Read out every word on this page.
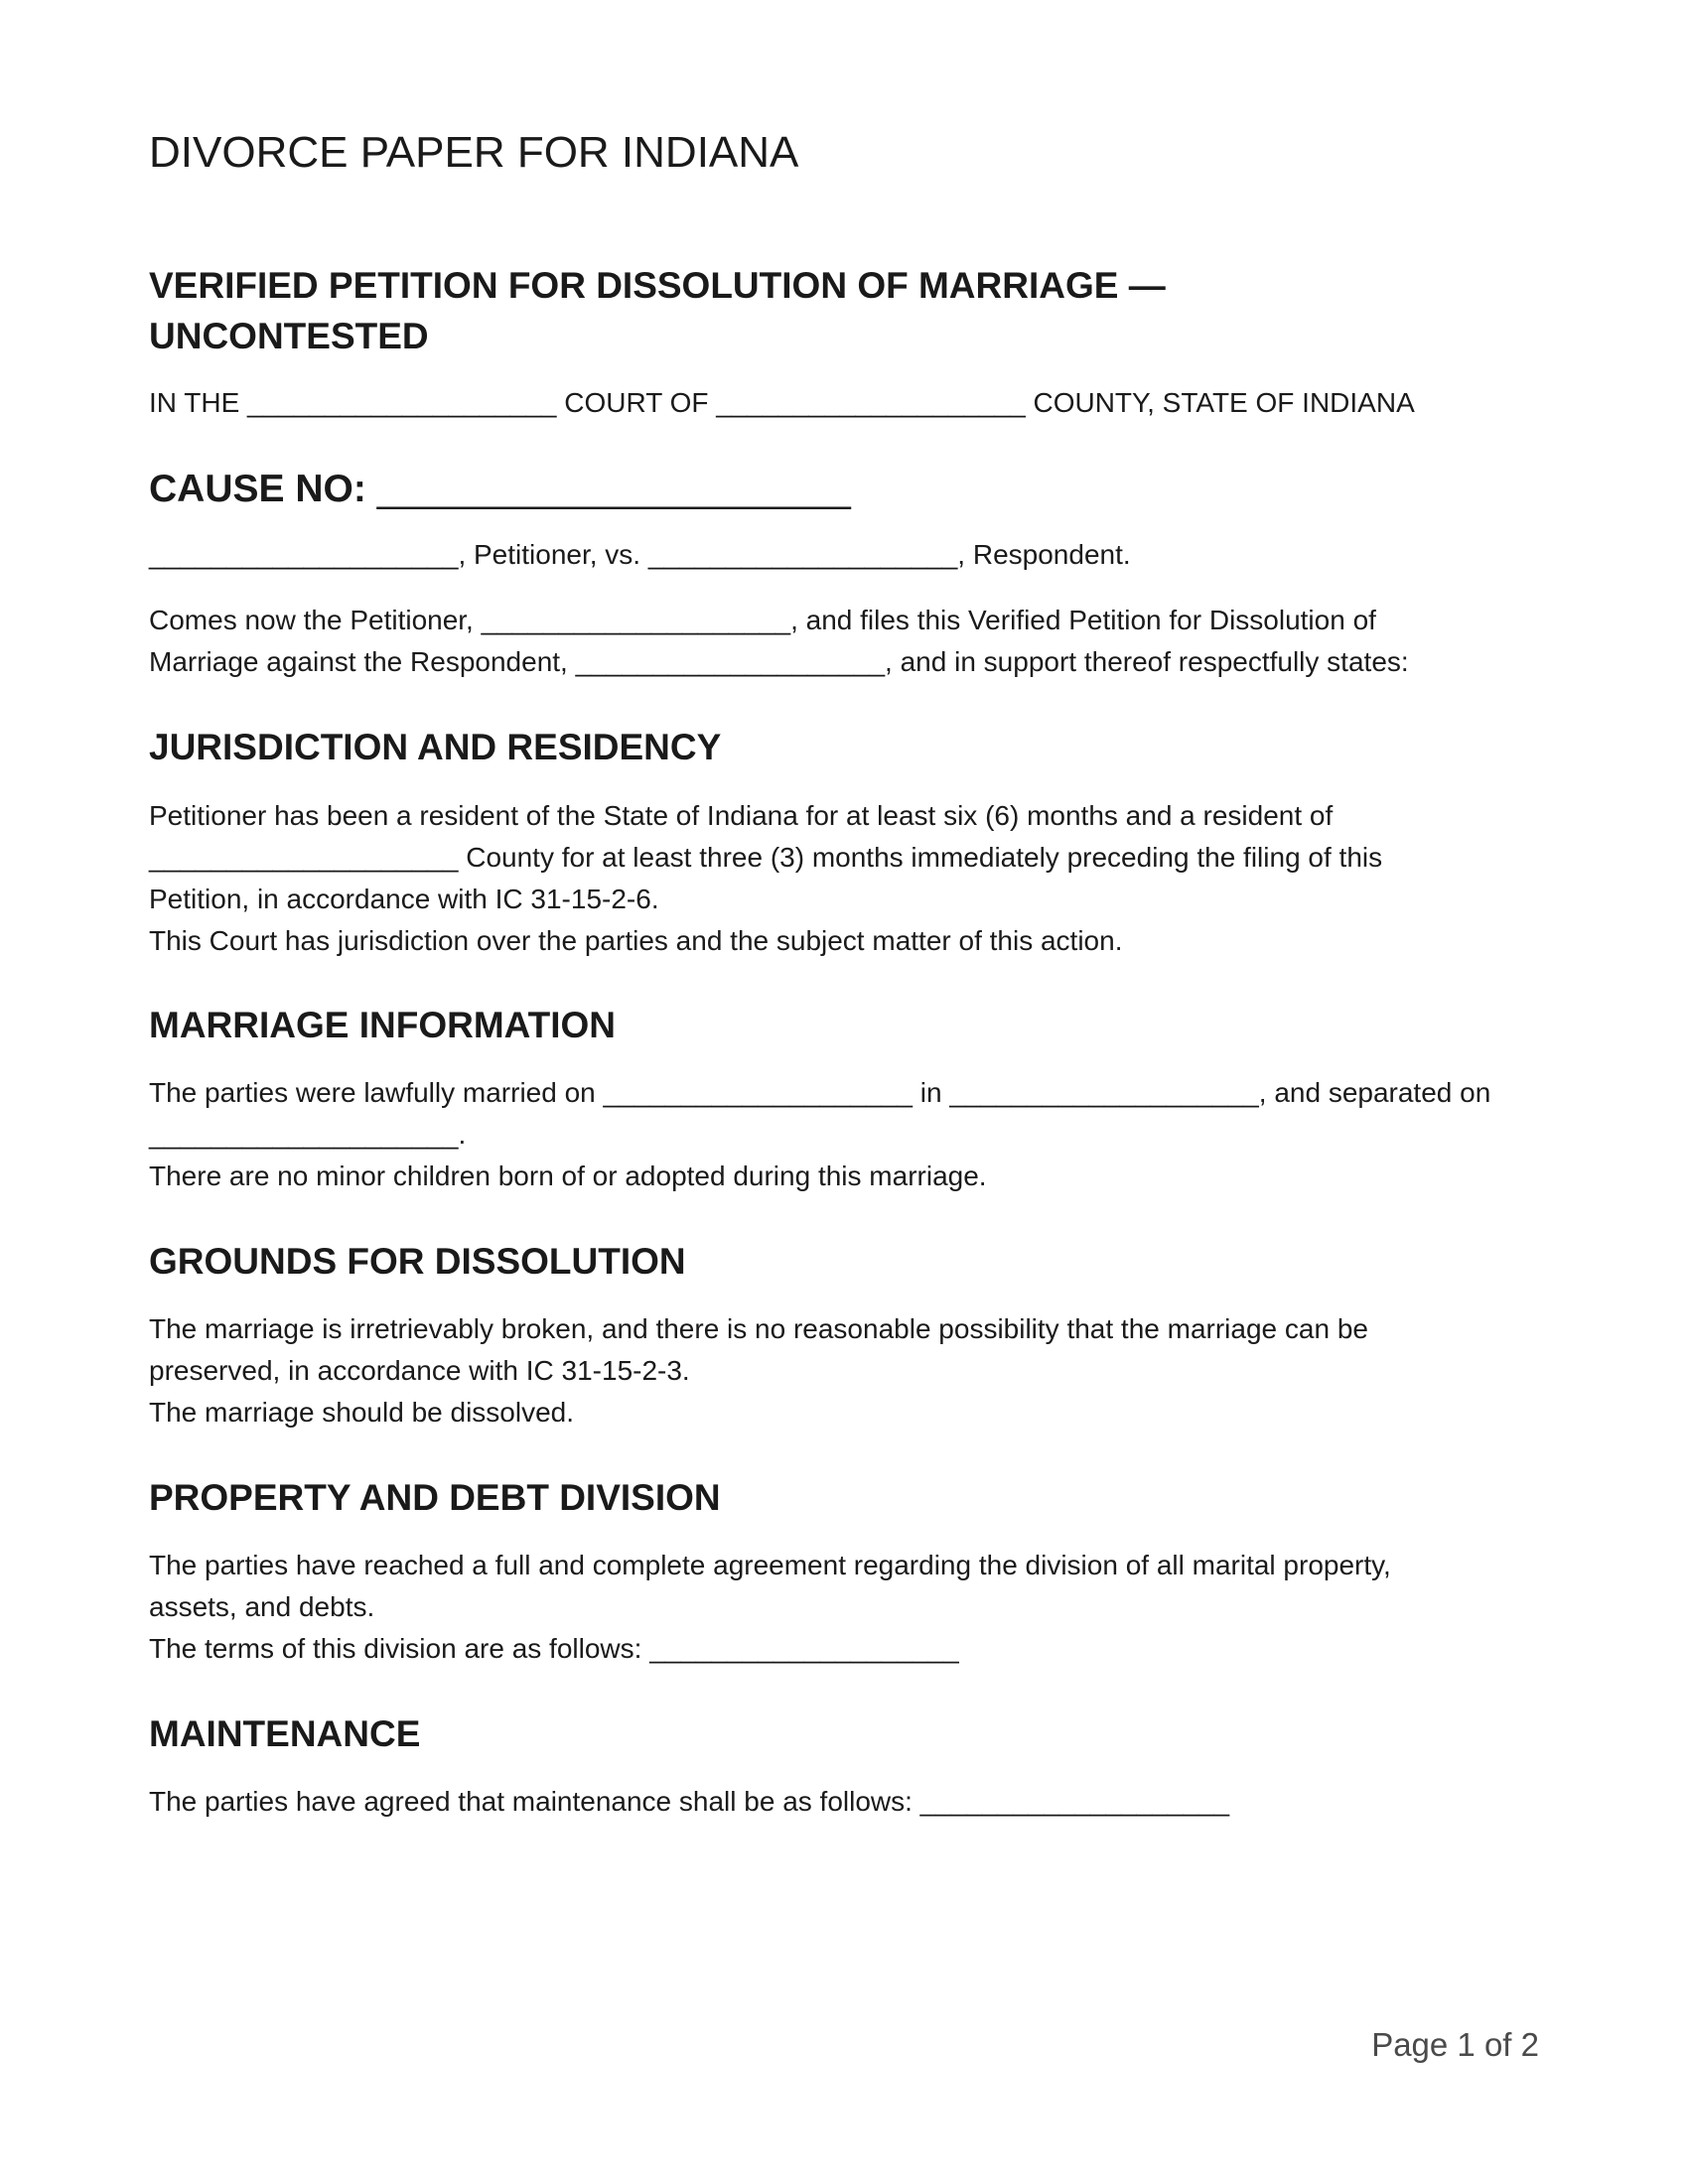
DIVORCE PAPER FOR INDIANA
VERIFIED PETITION FOR DISSOLUTION OF MARRIAGE — UNCONTESTED

IN THE ____________________ COURT OF ____________________ COUNTY, STATE OF INDIANA

CAUSE NO: ______________________

____________________, Petitioner, vs. ____________________, Respondent.

Comes now the Petitioner, ____________________, and files this Verified Petition for Dissolution of

Marriage against the Respondent, ____________________, and in support thereof respectfully states:

JURISDICTION AND RESIDENCY

Petitioner has been a resident of the State of Indiana for at least six (6) months and a resident of

____________________ County for at least three (3) months immediately preceding the filing of this

Petition, in accordance with IC 31-15-2-6.

This Court has jurisdiction over the parties and the subject matter of this action.

MARRIAGE INFORMATION

The parties were lawfully married on ____________________ in ____________________, and separated on

____________________.

There are no minor children born of or adopted during this marriage.

GROUNDS FOR DISSOLUTION

The marriage is irretrievably broken, and there is no reasonable possibility that the marriage can be

preserved, in accordance with IC 31-15-2-3.

The marriage should be dissolved.

PROPERTY AND DEBT DIVISION

The parties have reached a full and complete agreement regarding the division of all marital property,

assets, and debts.

The terms of this division are as follows: ____________________

MAINTENANCE

The parties have agreed that maintenance shall be as follows: ____________________

Page 1 of 2
